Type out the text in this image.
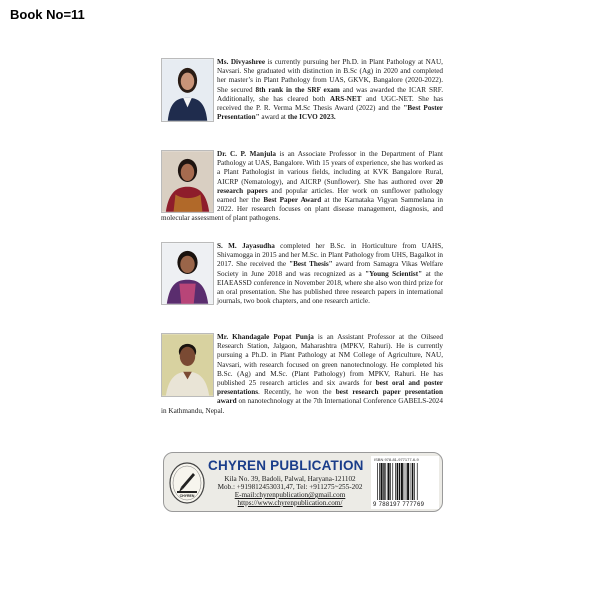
Book No=11
Ms. Divyashree is currently pursuing her Ph.D. in Plant Pathology at NAU, Navsari. She graduated with distinction in B.Sc (Ag) in 2020 and completed her master’s in Plant Pathology from UAS, GKVK, Bangalore (2020-2022). She secured 8th rank in the SRF exam and was awarded the ICAR SRF. Additionally, she has cleared both ARS-NET and UGC-NET. She has received the P. R. Verma M.Sc Thesis Award (2022) and the "Best Poster Presentation" award at the ICVO 2023.
Dr. C. P. Manjula is an Associate Professor in the Department of Plant Pathology at UAS, Bangalore. With 15 years of experience, she has worked as a Plant Pathologist in various fields, including at KVK Bangalore Rural, AICRP (Nematology), and AICRP (Sunflower). She has authored over 20 research papers and popular articles. Her work on sunflower pathology earned her the Best Paper Award at the Karnataka Vigyan Sammelana in 2022. Her research focuses on plant disease management, diagnosis, and molecular assessment of plant pathogens.
S. M. Jayasudha completed her B.Sc. in Horticulture from UAHS, Shivamogga in 2015 and her M.Sc. in Plant Pathology from UHS, Bagalkot in 2017. She received the "Best Thesis" award from Samagra Vikas Welfare Society in June 2018 and was recognized as a "Young Scientist" at the EIAEASSD conference in November 2018, where she also won third prize for an oral presentation. She has published three research papers in international journals, two book chapters, and one research article.
Mr. Khandagale Popat Punja is an Assistant Professor at the Oilseed Research Station, Jalgaon, Maharashtra (MPKV, Rahuri). He is currently pursuing a Ph.D. in Plant Pathology at NM College of Agriculture, NAU, Navsari, with research focused on green nanotechnology. He completed his B.Sc. (Ag) and M.Sc. (Plant Pathology) from MPKV, Rahuri. He has published 25 research articles and six awards for best oral and poster presentations. Recently, he won the best research paper presentation award on nanotechnology at the 7th International Conference GABELS-2024 in Kathmandu, Nepal.
CHYREN
CHYREN PUBLICATION
Kila No. 39, Badoli, Palwal, Haryana-121102
Mob.: +919812453031,47, Tel: +911275~255-202
E-mail:chyrenpublication@gmail.com
https://www.chyrenpublication.com/
ISBN 978-81-977177-6-9
9 788197 777769
